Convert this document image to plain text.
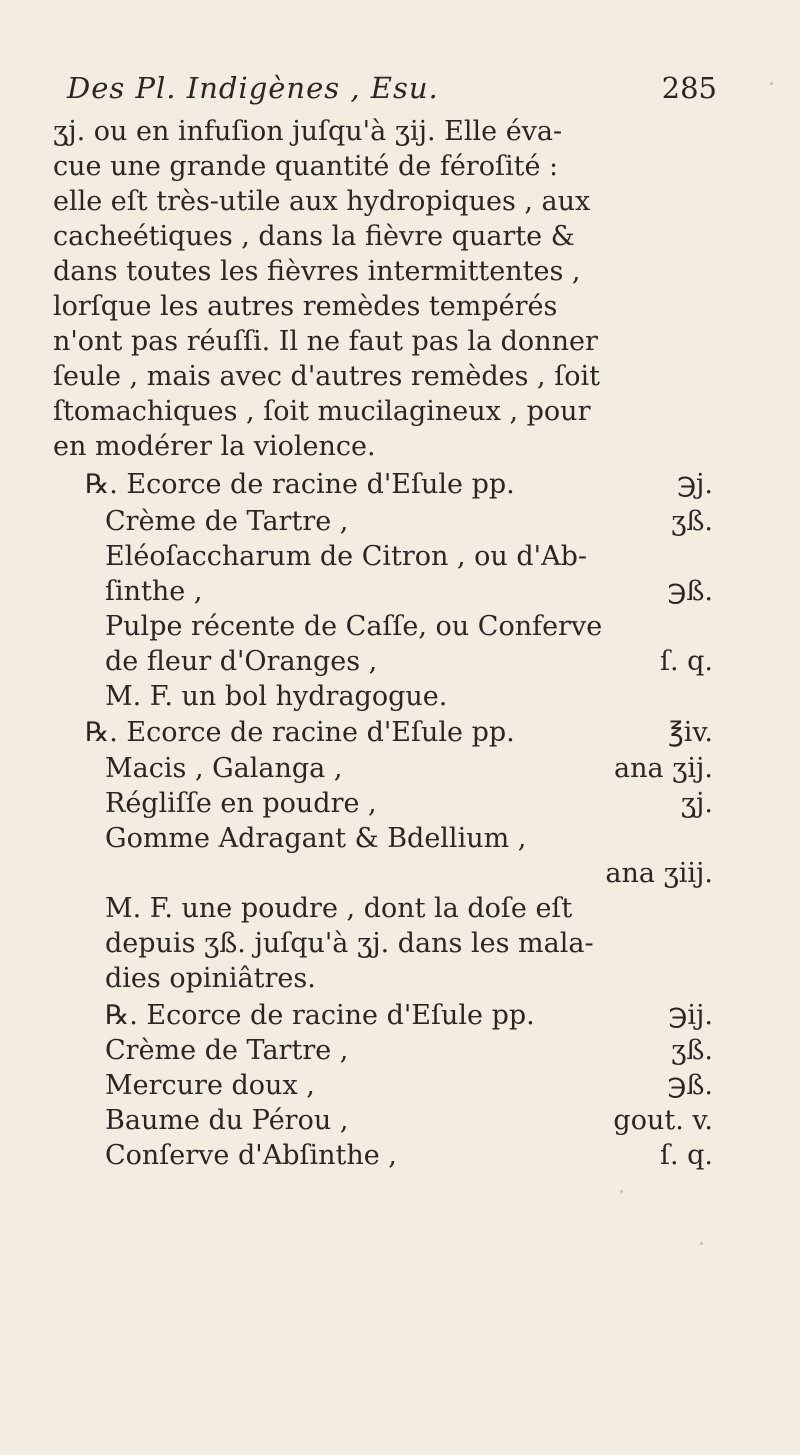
Des Pl. Indigènes , Esu.	285
ʒj. ou en infuſion juſqu'à ʒij. Elle éva-
cue une grande quantité de féroſité :
elle eſt très-utile aux hydropiques , aux
cacheétiques , dans la fièvre quarte &
dans toutes les fièvres intermittentes ,
lorſque les autres remèdes tempérés
n'ont pas réuſſi. Il ne faut pas la donner
ſeule , mais avec d'autres remèdes , ſoit
ſtomachiques , ſoit mucilagineux , pour
en modérer la violence.
℞. Ecorce de racine d'Eſule pp.	℈j.
Crème de Tartre ,	ʒß.
Eléoſaccharum de Citron , ou d'Ab-
ſinthe ,	℈ß.
Pulpe récente de Caſſe, ou Conferve
de fleur d'Oranges ,	ſ. q.
M. F. un bol hydragogue.
℞. Ecorce de racine d'Eſule pp.	℥iv.
Macis , Galanga ,	ana ʒij.
Régliſſe en poudre ,	ʒj.
Gomme Adragant & Bdellium ,
ana ʒiij.
M. F. une poudre , dont la doſe eſt
depuis ʒß. juſqu'à ʒj. dans les mala-
dies opiniâtres.
℞. Ecorce de racine d'Eſule pp.	℈ij.
Crème de Tartre ,	ʒß.
Mercure doux ,	℈ß.
Baume du Pérou ,	gout. v.
Conſerve d'Abſinthe ,	ſ. q.
